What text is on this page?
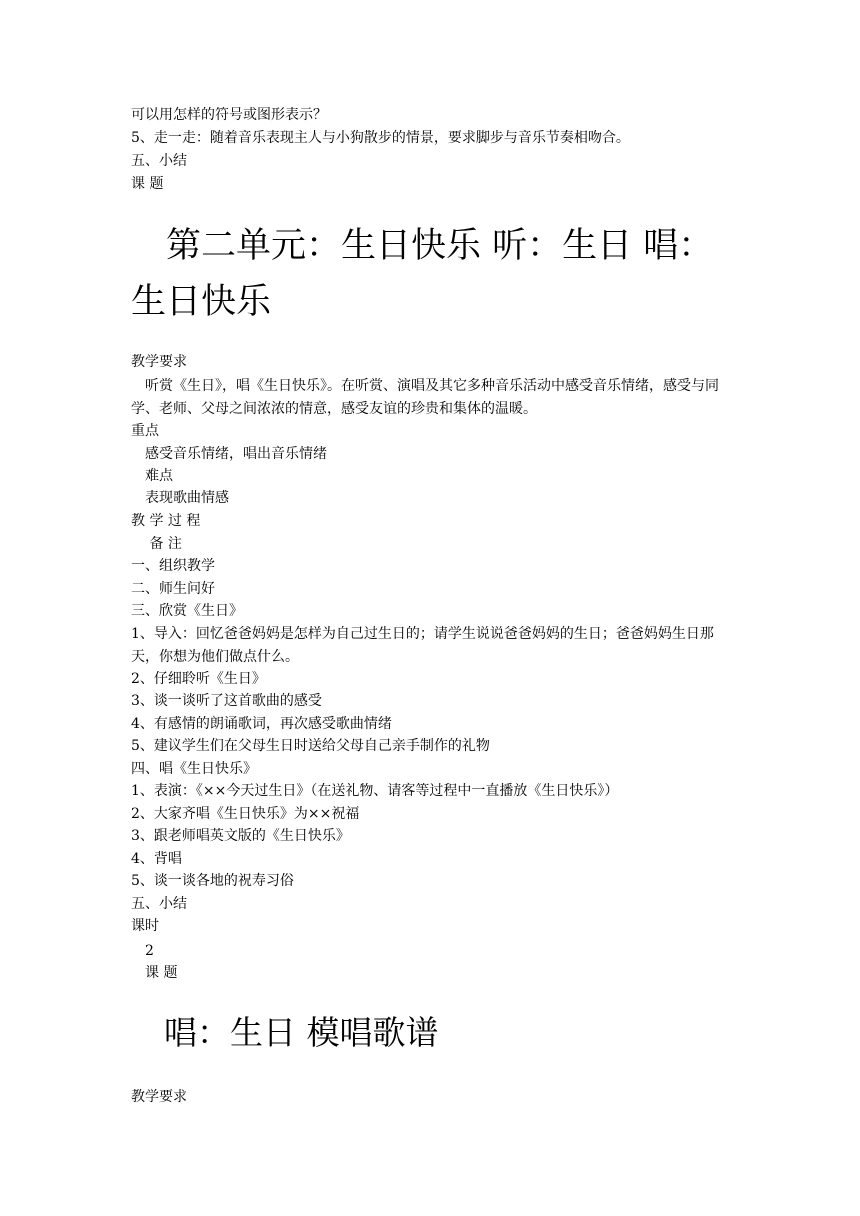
可以用怎样的符号或图形表示？
5、走一走：随着音乐表现主人与小狗散步的情景，要求脚步与音乐节奏相吻合。
五、小结
课 题
　第二单元：生日快乐 听：生日 唱：生日快乐
教学要求
　听赏《生日》，唱《生日快乐》。在听赏、演唱及其它多种音乐活动中感受音乐情绪，感受与同学、老师、父母之间浓浓的情意，感受友谊的珍贵和集体的温暖。
重点
　感受音乐情绪，唱出音乐情绪
　难点
　表现歌曲情感
教 学 过 程
　 备 注
一、组织教学
二、师生问好
三、欣赏《生日》
1、导入：回忆爸爸妈妈是怎样为自己过生日的；请学生说说爸爸妈妈的生日；爸爸妈妈生日那天，你想为他们做点什么。
2、仔细聆听《生日》
3、谈一谈听了这首歌曲的感受
4、有感情的朗诵歌词，再次感受歌曲情绪
5、建议学生们在父母生日时送给父母自己亲手制作的礼物
四、唱《生日快乐》
1、表演：《××今天过生日》（在送礼物、请客等过程中一直播放《生日快乐》）
2、大家齐唱《生日快乐》为××祝福
3、跟老师唱英文版的《生日快乐》
4、背唱
5、谈一谈各地的祝寿习俗
五、小结
课时
　2
　课 题
　唱：生日 模唱歌谱
教学要求
